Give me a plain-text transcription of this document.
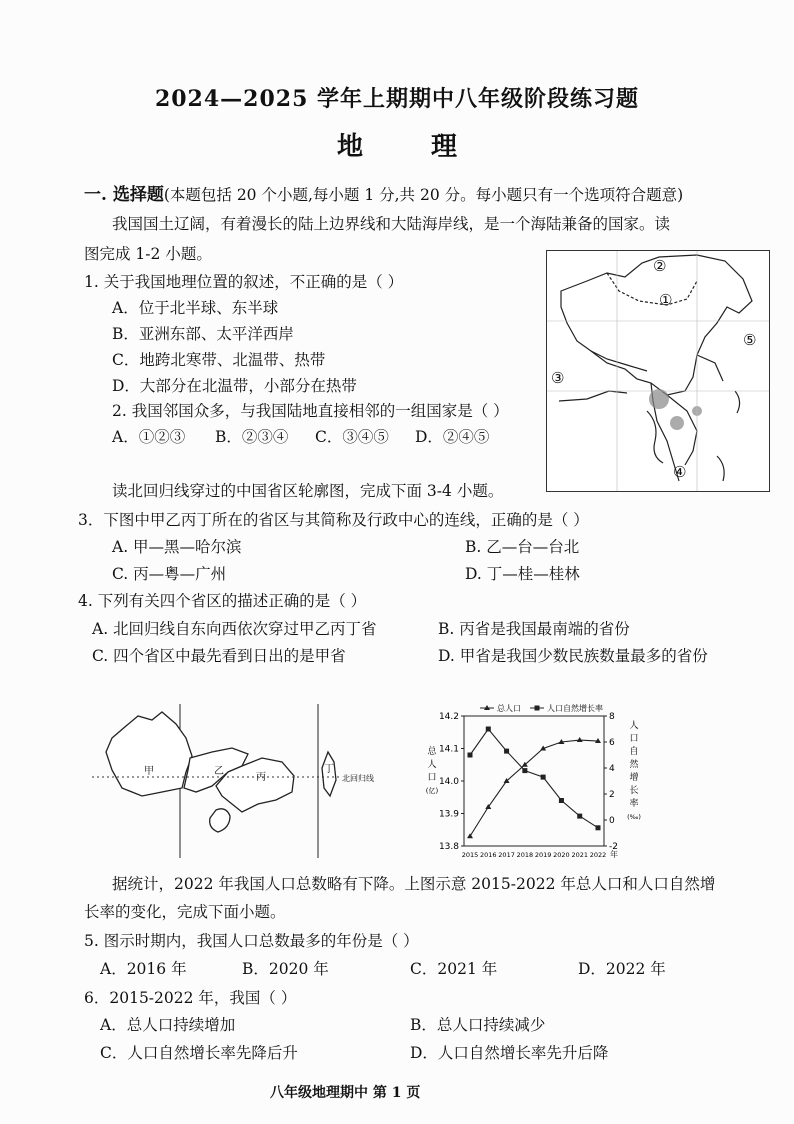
2024—2025 学年上期期中八年级阶段练习题
地	理
一. 选择题(本题包括 20 个小题,每小题 1 分,共 20 分。每小题只有一个选项符合题意)
我国国土辽阔，有着漫长的陆上边界线和大陆海岸线，是一个海陆兼备的国家。读
图完成 1-2 小题。
1. 关于我国地理位置的叙述，不正确的是（ ）
A．位于北半球、东半球
B．亚洲东部、太平洋西岸
C．地跨北寒带、北温带、热带
D．大部分在北温带，小部分在热带
2. 我国邻国众多，与我国陆地直接相邻的一组国家是（ ）
A．①②③ B．②③④ C．③④⑤ D．②④⑤
①
②
③
④
⑤
读北回归线穿过的中国省区轮廓图，完成下面 3-4 小题。
3．下图中甲乙丙丁所在的省区与其简称及行政中心的连线，正确的是（ ）
A. 甲—黑—哈尔滨	B. 乙—台—台北
C. 丙—粤—广州	D. 丁—桂—桂林
4. 下列有关四个省区的描述正确的是（ ）
A. 北回归线自东向西依次穿过甲乙丙丁省	B. 丙省是我国最南端的省份
C. 四个省区中最先看到日出的是甲省	D. 甲省是我国少数民族数量最多的省份
甲	乙
丙
丁
北回归线
14.2
14.1
14.0
13.9
13.8
8
6
4
2
0
-2
2015 2016 2017 2018 2019 2020 2021 2022 年
总
人
口
(亿)
人
口
自
然
增
长
率
(‰)
总人口	人口自然增长率
据统计，2022 年我国人口总数略有下降。上图示意 2015-2022 年总人口和人口自然增
长率的变化，完成下面小题。
5. 图示时期内，我国人口总数最多的年份是（ ）
A．2016 年	B．2020 年	C．2021 年	D．2022 年
6．2015-2022 年，我国（ ）
A．总人口持续增加	B．总人口持续减少
C．人口自然增长率先降后升	D．人口自然增长率先升后降
八年级地理期中 第 1 页
